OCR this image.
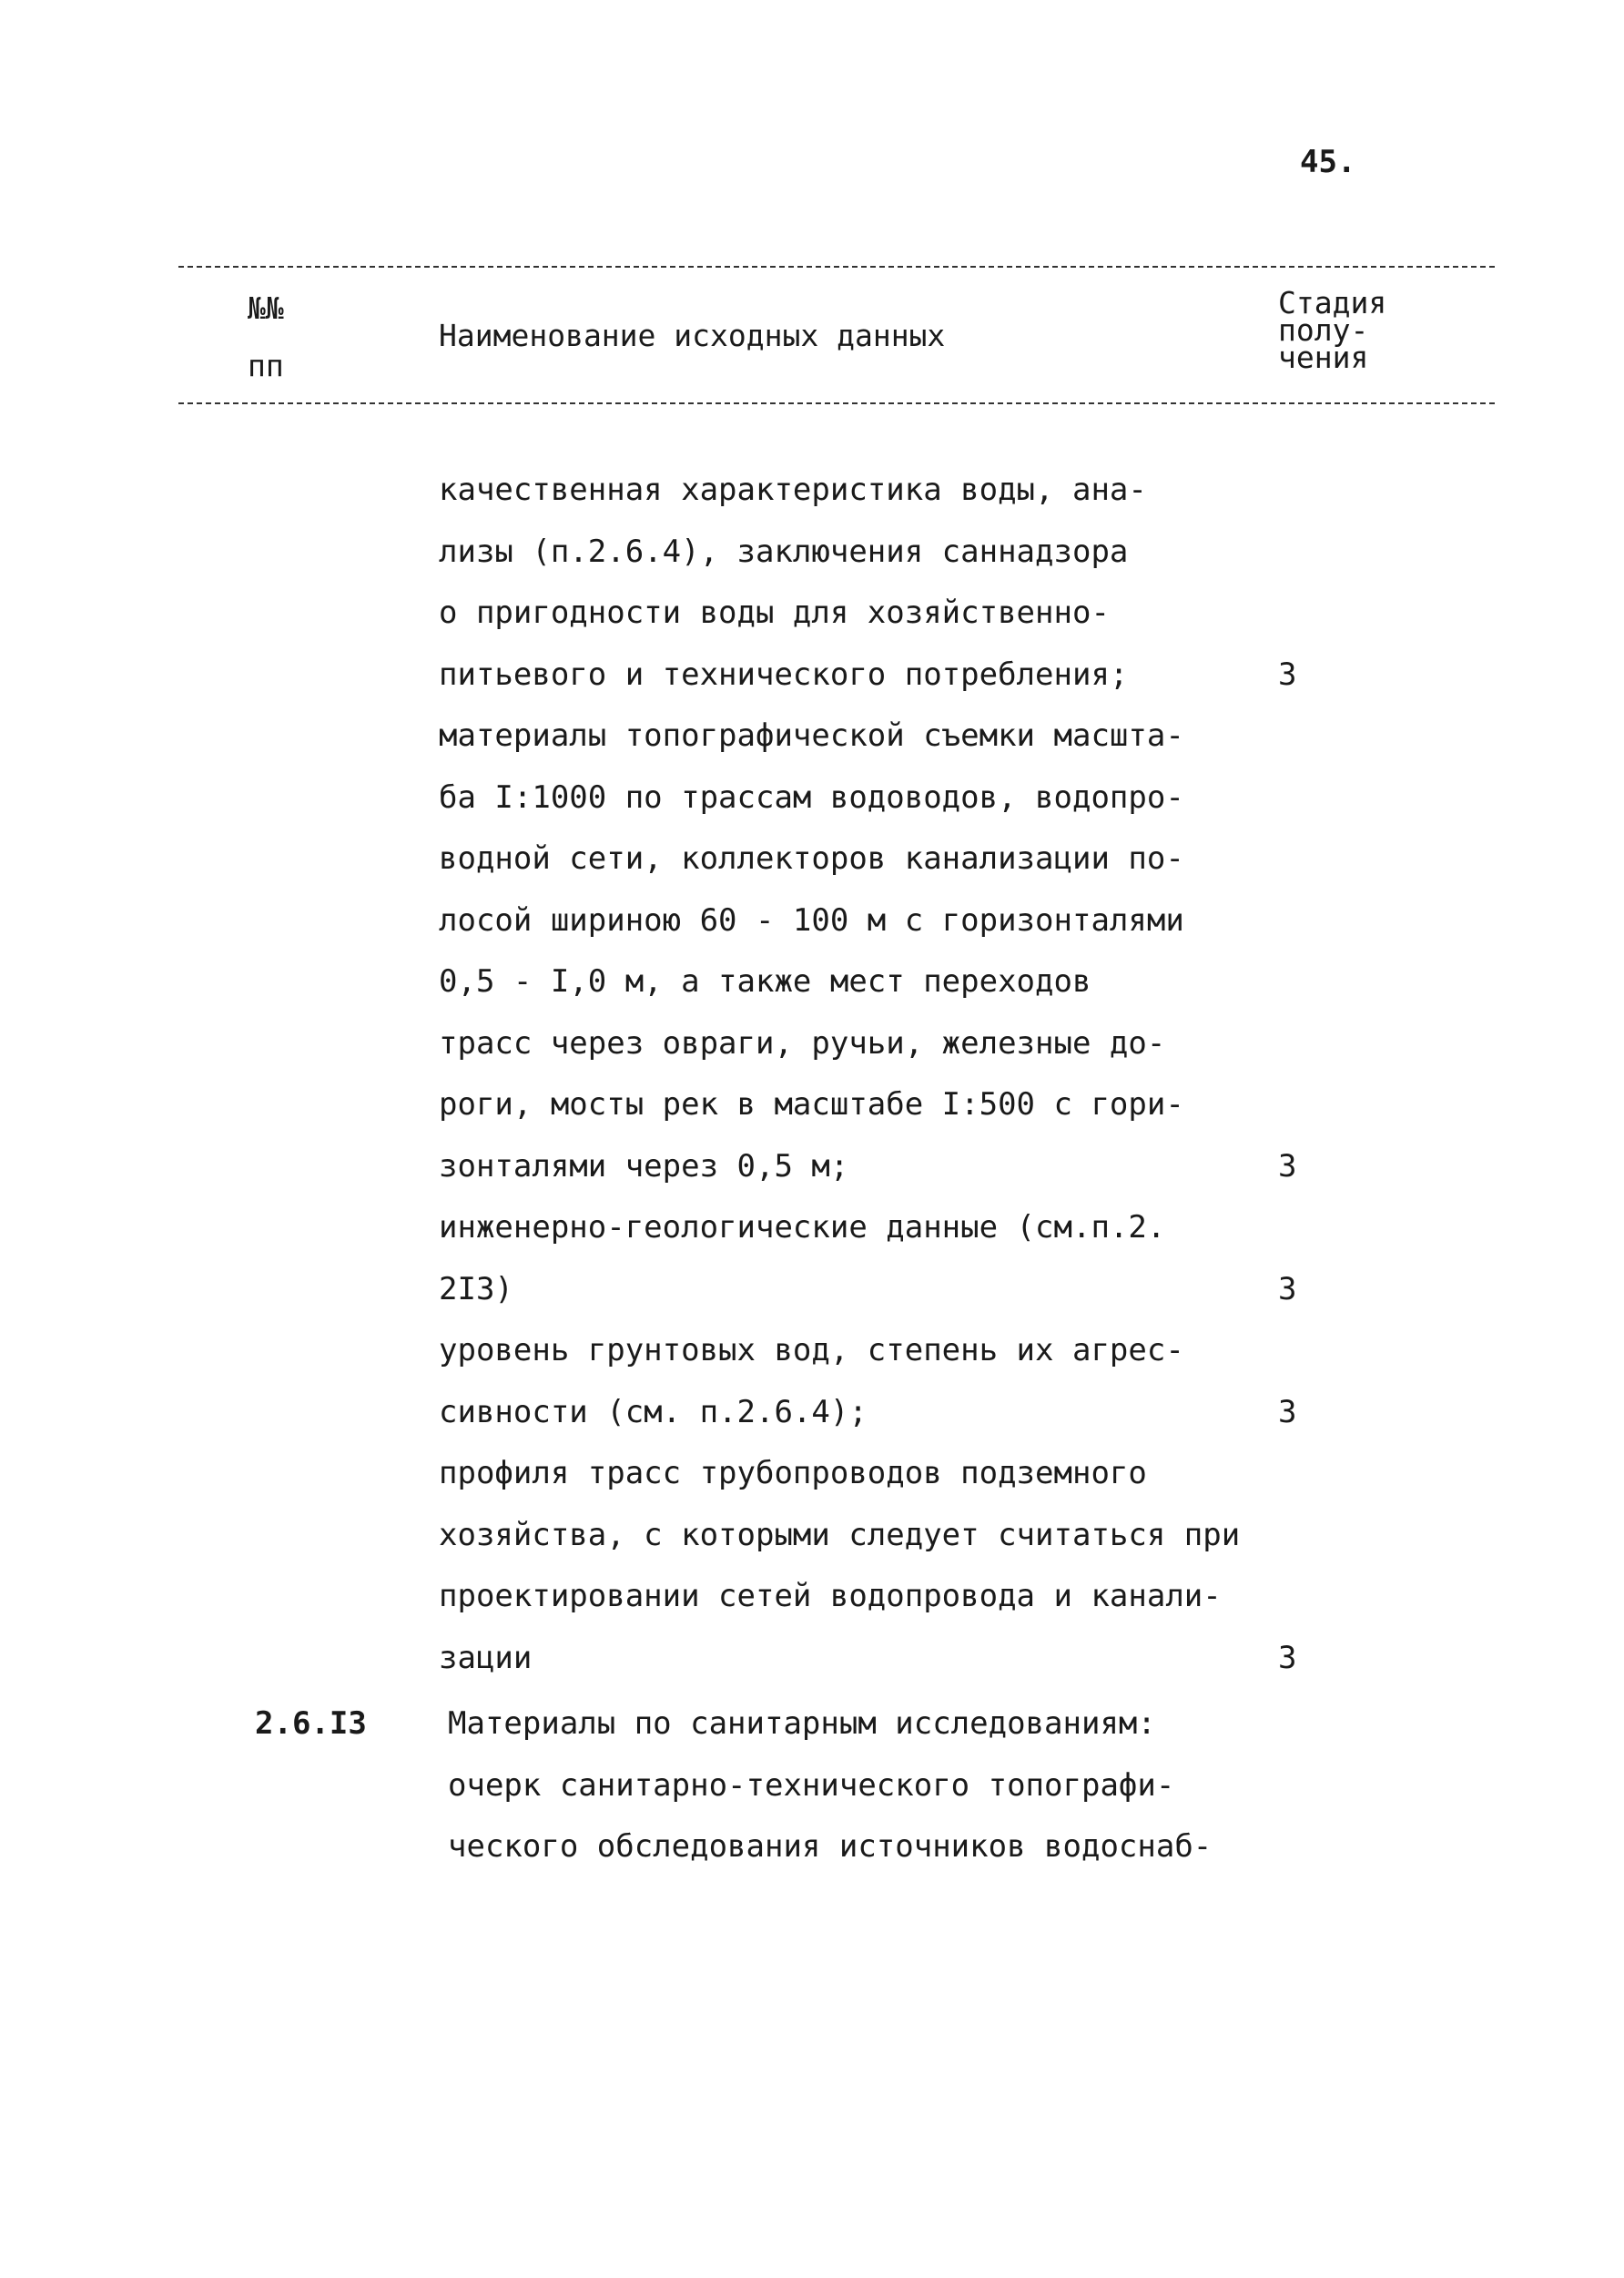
45.
№№
пп
Наименование исходных данных
Стадия
полу-
чения
качественная характеристика воды, ана-
лизы (п.2.6.4), заключения саннадзора
о пригодности воды для хозяйственно-
питьевого и технического потребления;
материалы топографической съемки масшта-
ба I:1000 по трассам водоводов, водопро-
водной сети, коллекторов канализации по-
лосой шириною 60 - 100 м с горизонталями
0,5 - I,0 м, а также мест переходов
трасс через овраги, ручьи, железные до-
роги, мосты рек в масштабе I:500 с гори-
зонталями через 0,5 м;
инженерно-геологические данные (см.п.2.
2I3)
уровень грунтовых вод, степень их агрес-
сивности (см. п.2.6.4);
профиля трасс трубопроводов подземного
хозяйства, с которыми следует считаться при
проектировании сетей водопровода и канали-
зации
3
3
3
3
3
2.6.I3	Материалы по санитарным исследованиям:
очерк санитарно-технического топографи-
ческого обследования источников водоснаб-
